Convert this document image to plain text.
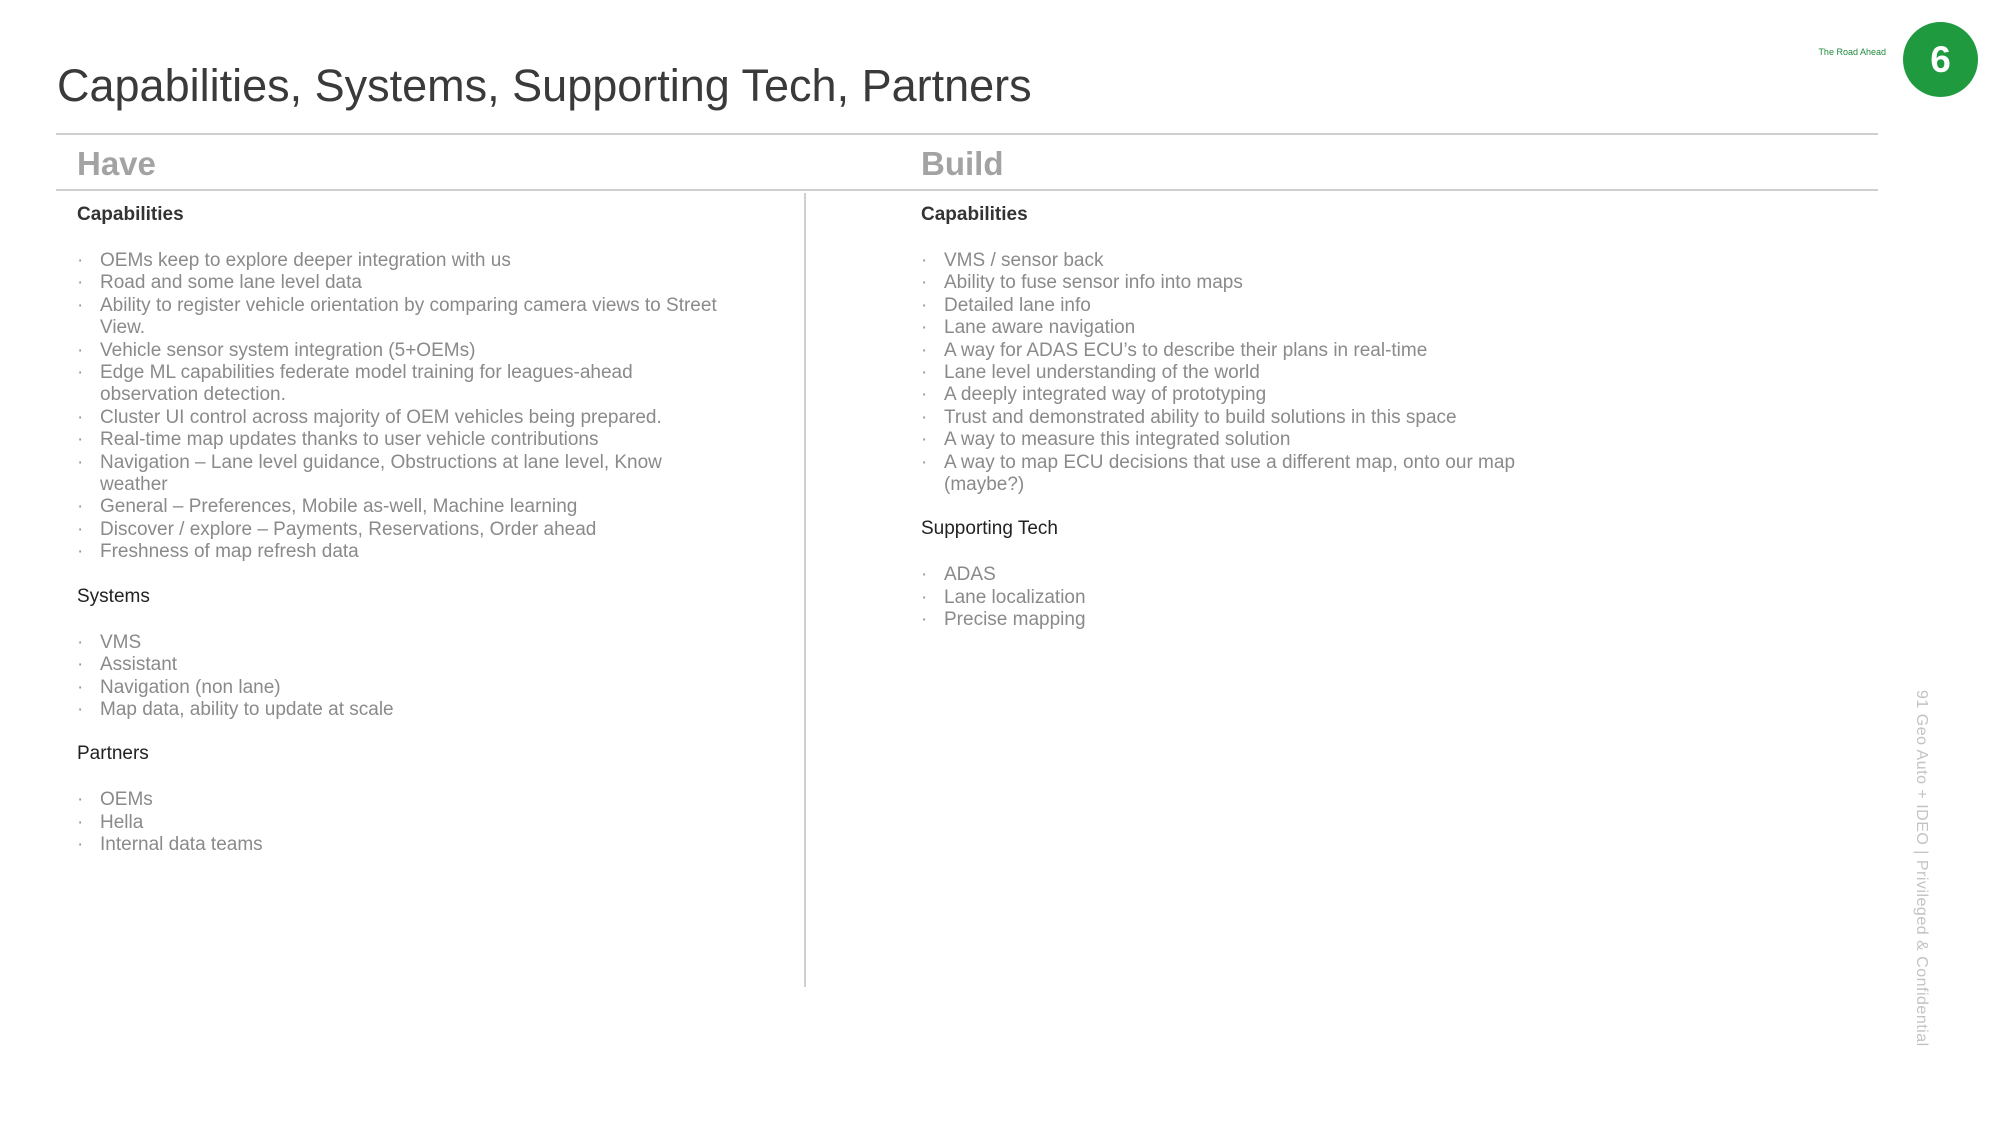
Capabilities, Systems, Supporting Tech, Partners
The Road Ahead	6
Have	Build
Capabilities
· OEMs keep to explore deeper integration with us
· Road and some lane level data
· Ability to register vehicle orientation by comparing camera views to Street View.
· Vehicle sensor system integration (5+OEMs)
· Edge ML capabilities federate model training for leagues-ahead observation detection.
· Cluster UI control across majority of OEM vehicles being prepared.
· Real-time map updates thanks to user vehicle contributions
· Navigation – Lane level guidance, Obstructions at lane level, Know weather
· General – Preferences, Mobile as-well, Machine learning
· Discover / explore – Payments, Reservations, Order ahead
· Freshness of map refresh data
Systems
· VMS
· Assistant
· Navigation (non lane)
· Map data, ability to update at scale
Partners
· OEMs
· Hella
· Internal data teams
Capabilities
· VMS / sensor back
· Ability to fuse sensor info into maps
· Detailed lane info
· Lane aware navigation
· A way for ADAS ECU’s to describe their plans in real-time
· Lane level understanding of the world
· A deeply integrated way of prototyping
· Trust and demonstrated ability to build solutions in this space
· A way to measure this integrated solution
· A way to map ECU decisions that use a different map, onto our map (maybe?)
Supporting Tech
· ADAS
· Lane localization
· Precise mapping
91 Geo Auto + IDEO | Privileged & Confidential
